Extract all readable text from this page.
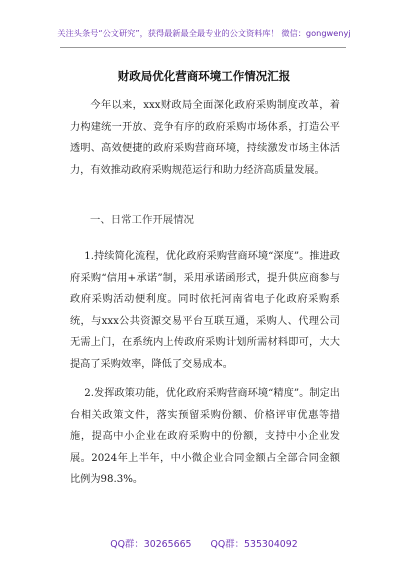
关注头条号“公文研究”，获得最新最全最专业的公文资料库！ 微信：gongwenyj
财政局优化营商环境工作情况汇报
今年以来，xxx财政局全面深化政府采购制度改革，着力构建统一开放、竞争有序的政府采购市场体系，打造公平透明、高效便捷的政府采购营商环境，持续激发市场主体活力，有效推动政府采购规范运行和助力经济高质量发展。
一、日常工作开展情况
1.持续简化流程，优化政府采购营商环境“深度”。推进政府采购“信用+承诺”制，采用承诺函形式，提升供应商参与政府采购活动便利度。同时依托河南省电子化政府采购系统，与xxx公共资源交易平台互联互通，采购人、代理公司无需上门，在系统内上传政府采购计划所需材料即可，大大提高了采购效率，降低了交易成本。
2.发挥政策功能，优化政府采购营商环境“精度”。制定出台相关政策文件，落实预留采购份额、价格评审优惠等措施，提高中小企业在政府采购中的份额，支持中小企业发展。2024年上半年，中小微企业合同金额占全部合同金额比例为98.3%。
QQ群：30265665 QQ群：535304092
